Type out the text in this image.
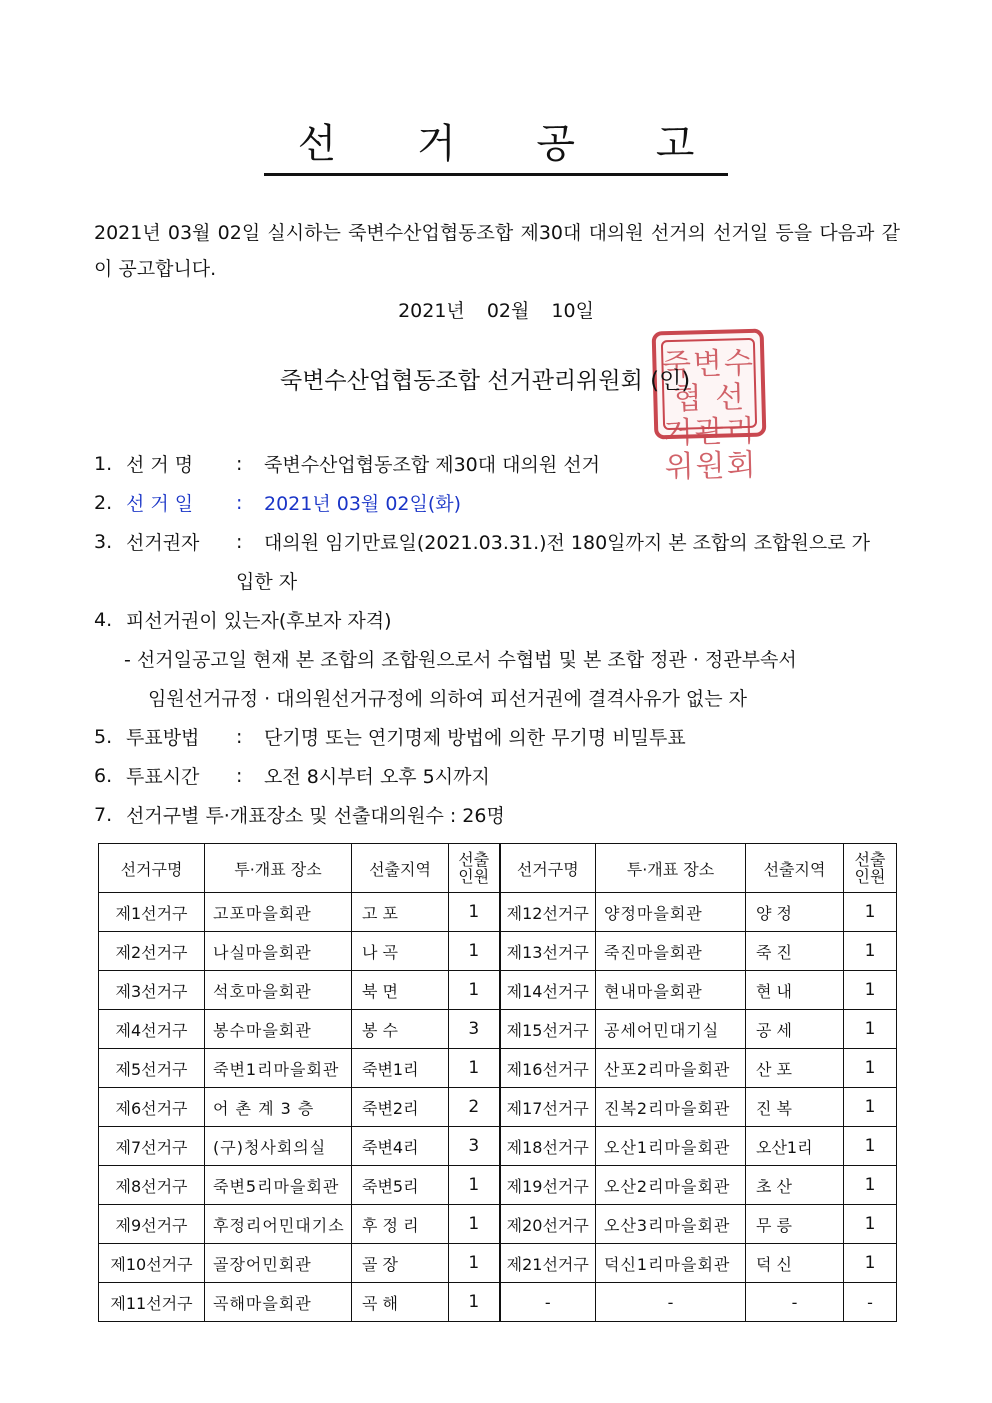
선 거 공 고
2021년 03월 02일 실시하는 죽변수산업협동조합 제30대 대의원 선거의 선거일 등을 다음과 같이 공고합니다.
2021년 02월 10일
죽변수협 선거관리위원회
죽변수산업협동조합 선거관리위원회 (인)
1. 선 거 명	:	죽변수산업협동조합 제30대 대의원 선거
2. 선 거 일	:	2021년 03월 02일(화)
3. 선거권자	:	대의원 임기만료일(2021.03.31.)전 180일까지 본 조합의 조합원으로 가
입한 자
4. 피선거권이 있는자(후보자 자격)
- 선거일공고일 현재 본 조합의 조합원으로서 수협법 및 본 조합 정관 · 정관부속서
임원선거규정 · 대의원선거규정에 의하여 피선거권에 결격사유가 없는 자
5. 투표방법	:	단기명 또는 연기명제 방법에 의한 무기명 비밀투표
6. 투표시간	:	오전 8시부터 오후 5시까지
7. 선거구별 투·개표장소 및 선출대의원수 : 26명
선거구명	투·개표 장소	선출지역	선출인원	선거구명	투·개표 장소	선출지역	선출인원
제1선거구	고포마을회관	고 포	1	제12선거구	양정마을회관	양 정	1
제2선거구	나실마을회관	나 곡	1	제13선거구	죽진마을회관	죽 진	1
제3선거구	석호마을회관	북 면	1	제14선거구	현내마을회관	현 내	1
제4선거구	봉수마을회관	봉 수	3	제15선거구	공세어민대기실	공 세	1
제5선거구	죽변1리마을회관	죽변1리	1	제16선거구	산포2리마을회관	산 포	1
제6선거구	어 촌 계 3 층	죽변2리	2	제17선거구	진복2리마을회관	진 복	1
제7선거구	(구)청사회의실	죽변4리	3	제18선거구	오산1리마을회관	오산1리	1
제8선거구	죽변5리마을회관	죽변5리	1	제19선거구	오산2리마을회관	초 산	1
제9선거구	후정리어민대기소	후 정 리	1	제20선거구	오산3리마을회관	무 릉	1
제10선거구	골장어민회관	골 장	1	제21선거구	덕신1리마을회관	덕 신	1
제11선거구	곡해마을회관	곡 해	1	-	-	-	-
